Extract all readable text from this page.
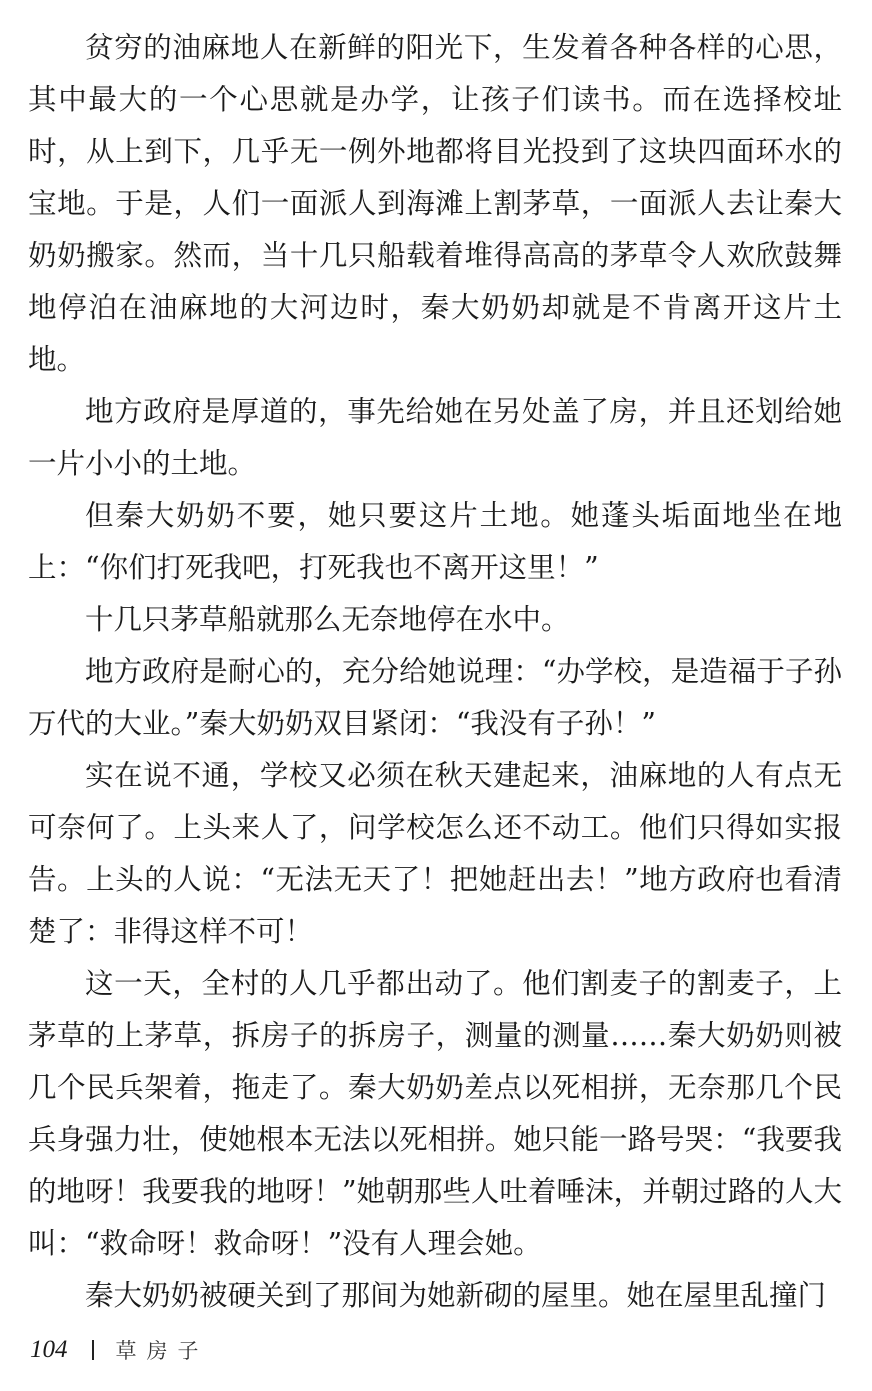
贫穷的油麻地人在新鲜的阳光下，生发着各种各样的心思，其中最大的一个心思就是办学，让孩子们读书。而在选择校址时，从上到下，几乎无一例外地都将目光投到了这块四面环水的宝地。于是，人们一面派人到海滩上割茅草，一面派人去让秦大奶奶搬家。然而，当十几只船载着堆得高高的茅草令人欢欣鼓舞地停泊在油麻地的大河边时，秦大奶奶却就是不肯离开这片土地。

地方政府是厚道的，事先给她在另处盖了房，并且还划给她一片小小的土地。

但秦大奶奶不要，她只要这片土地。她蓬头垢面地坐在地上：“你们打死我吧，打死我也不离开这里！”

十几只茅草船就那么无奈地停在水中。

地方政府是耐心的，充分给她说理：“办学校，是造福于子孙万代的大业。”秦大奶奶双目紧闭：“我没有子孙！”

实在说不通，学校又必须在秋天建起来，油麻地的人有点无可奈何了。上头来人了，问学校怎么还不动工。他们只得如实报告。上头的人说：“无法无天了！把她赶出去！”地方政府也看清楚了：非得这样不可！

这一天，全村的人几乎都出动了。他们割麦子的割麦子，上茅草的上茅草，拆房子的拆房子，测量的测量……秦大奶奶则被几个民兵架着，拖走了。秦大奶奶差点以死相拼，无奈那几个民兵身强力壮，使她根本无法以死相拼。她只能一路号哭：“我要我的地呀！我要我的地呀！”她朝那些人吐着唾沫，并朝过路的人大叫：“救命呀！救命呀！”没有人理会她。

秦大奶奶被硬关到了那间为她新砌的屋里。她在屋里乱撞门

104 草房子
